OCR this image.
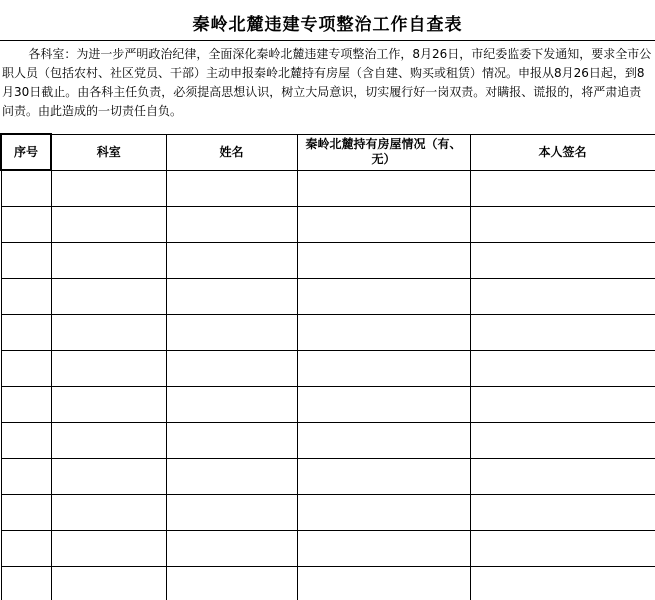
秦岭北麓违建专项整治工作自查表
各科室：为进一步严明政治纪律，全面深化秦岭北麓违建专项整治工作，8月26日，市纪委监委下发通知，要求全市公职人员（包括农村、社区党员、干部）主动申报秦岭北麓持有房屋（含自建、购买或租赁）情况。申报从8月26日起，到8月30日截止。由各科主任负责，必须提高思想认识，树立大局意识，切实履行好一岗双责。对瞒报、谎报的，将严肃追责问责。由此造成的一切责任自负。
序号	科室	姓名	秦岭北麓持有房屋情况（有、无）	本人签名
